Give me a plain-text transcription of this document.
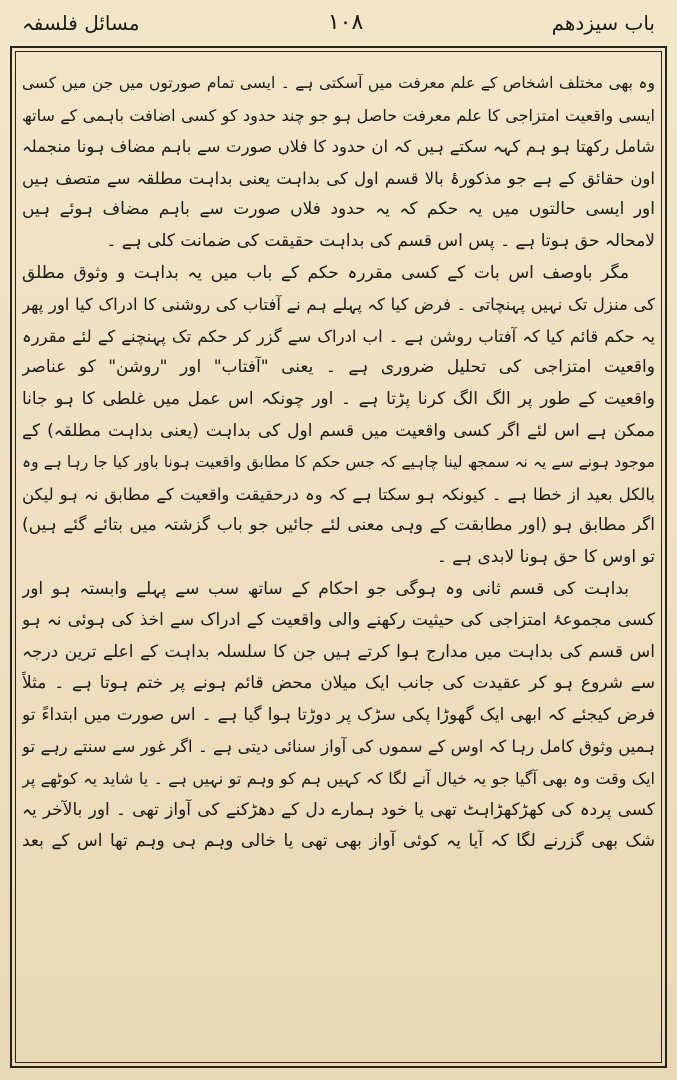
باب سیزدھم
۱۰۸
مسائل فلسفہ
وہ بھی مختلف اشخاص کے علم معرفت میں آسکتی ہے ۔ ایسی تمام صورتوں میں جن میں کسی
ایسی واقعیت امتزاجی کا علم معرفت حاصل ہو جو چند حدود کو کسی اضافت باہمی کے ساتھ
شامل رکھتا ہو ہم کہہ سکتے ہیں کہ ان حدود کا فلاں صورت سے باہم مضاف ہونا منجملہ
اون حقائق کے ہے جو مذکورۂ بالا قسم اول کی بداہت یعنی بداہت مطلقہ سے متصف ہیں
اور ایسی حالتوں میں یہ حکم کہ یہ حدود فلاں صورت سے باہم مضاف ہوئے ہیں
لامحالہ حق ہوتا ہے ۔ پس اس قسم کی بداہت حقیقت کی ضمانت کلی ہے ۔
مگر باوصف اس بات کے کسی مقررہ حکم کے باب میں یہ بداہت و وثوق مطلق
کی منزل تک نہیں پہنچاتی ۔ فرض کیا کہ پہلے ہم نے آفتاب کی روشنی کا ادراک کیا اور پھر
یہ حکم قائم کیا کہ آفتاب روشن ہے ۔ اب ادراک سے گزر کر حکم تک پہنچنے کے لئے مقررہ
واقعیت امتزاجی کی تحلیل ضروری ہے ۔ یعنی "آفتاب" اور "روشن" کو عناصر
واقعیت کے طور پر الگ الگ کرنا پڑتا ہے ۔ اور چونکہ اس عمل میں غلطی کا ہو جانا
ممکن ہے اس لئے اگر کسی واقعیت میں قسم اول کی بداہت (یعنی بداہت مطلقہ) کے
موجود ہونے سے یہ نہ سمجھ لینا چاہیے کہ جس حکم کا مطابق واقعیت ہونا باور کیا جا رہا ہے وہ
بالکل بعید از خطا ہے ۔ کیونکہ ہو سکتا ہے کہ وہ درحقیقت واقعیت کے مطابق نہ ہو لیکن
اگر مطابق ہو (اور مطابقت کے وہی معنی لئے جائیں جو باب گزشتہ میں بتائے گئے ہیں)
تو اوس کا حق ہونا لابدی ہے ۔
بداہت کی قسم ثانی وہ ہوگی جو احکام کے ساتھ سب سے پہلے وابستہ ہو اور
کسی مجموعۂ امتزاجی کی حیثیت رکھنے والی واقعیت کے ادراک سے اخذ کی ہوئی نہ ہو
اس قسم کی بداہت میں مدارج ہوا کرتے ہیں جن کا سلسلہ بداہت کے اعلے ترین درجہ
سے شروع ہو کر عقیدت کی جانب ایک میلان محض قائم ہونے پر ختم ہوتا ہے ۔ مثلاً
فرض کیجئے کہ ابھی ایک گھوڑا پکی سڑک پر دوڑتا ہوا گیا ہے ۔ اس صورت میں ابتداءً تو
ہمیں وثوق کامل رہا کہ اوس کے سموں کی آواز سنائی دیتی ہے ۔ اگر غور سے سنتے رہے تو
ایک وقت وہ بھی آگیا جو یہ خیال آنے لگا کہ کہیں ہم کو وہم تو نہیں ہے ۔ یا شاید یہ کوٹھے پر
کسی پردہ کی کھڑکھڑاہٹ تھی یا خود ہمارے دل کے دھڑکنے کی آواز تھی ۔ اور بالآخر یہ
شک بھی گزرنے لگا کہ آیا یہ کوئی آواز بھی تھی یا خالی وہم ہی وہم تھا اس کے بعد
